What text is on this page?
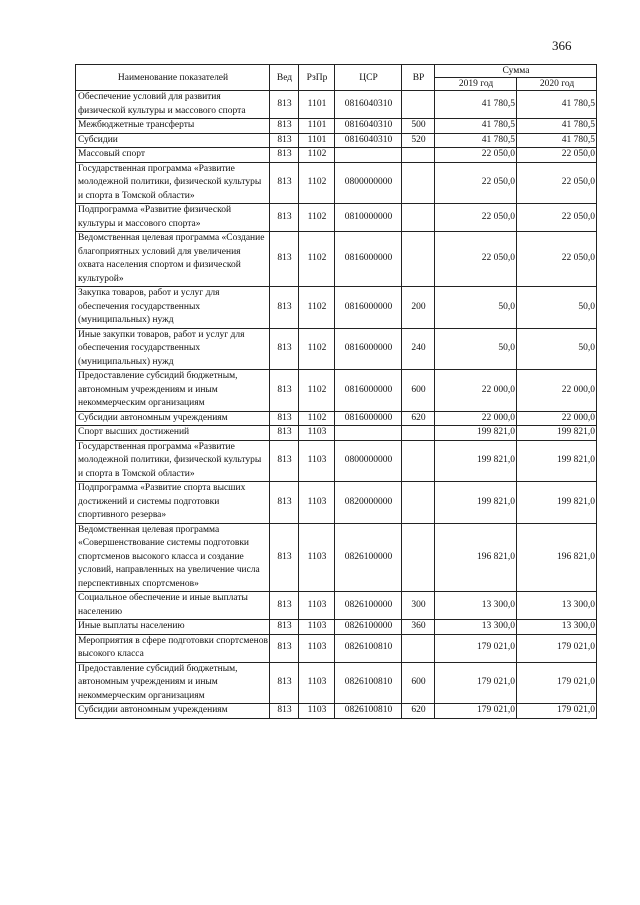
366
Наименование показателей	Вед	РзПр	ЦСР	ВР	Сумма	
					2019 год	2020 год
Обеспечение условий для развития физической культуры и массового спорта	813	1101	0816040310		41 780,5	41 780,5
Межбюджетные трансферты	813	1101	0816040310	500	41 780,5	41 780,5
Субсидии	813	1101	0816040310	520	41 780,5	41 780,5
Массовый спорт	813	1102			22 050,0	22 050,0
Государственная программа «Развитие молодежной политики, физической культуры и спорта в Томской области»	813	1102	0800000000		22 050,0	22 050,0
Подпрограмма «Развитие физической культуры и массового спорта»	813	1102	0810000000		22 050,0	22 050,0
Ведомственная целевая программа «Создание благоприятных условий для увеличения охвата населения спортом и физической культурой»	813	1102	0816000000		22 050,0	22 050,0
Закупка товаров, работ и услуг для обеспечения государственных (муниципальных) нужд	813	1102	0816000000	200	50,0	50,0
Иные закупки товаров, работ и услуг для обеспечения государственных (муниципальных) нужд	813	1102	0816000000	240	50,0	50,0
Предоставление субсидий бюджетным, автономным учреждениям и иным некоммерческим организациям	813	1102	0816000000	600	22 000,0	22 000,0
Субсидии автономным учреждениям	813	1102	0816000000	620	22 000,0	22 000,0
Спорт высших достижений	813	1103			199 821,0	199 821,0
Государственная программа «Развитие молодежной политики, физической культуры и спорта в Томской области»	813	1103	0800000000		199 821,0	199 821,0
Подпрограмма «Развитие спорта высших достижений и системы подготовки спортивного резерва»	813	1103	0820000000		199 821,0	199 821,0
Ведомственная целевая программа «Совершенствование системы подготовки спортсменов высокого класса и создание условий, направленных на увеличение числа перспективных спортсменов»	813	1103	0826100000		196 821,0	196 821,0
Социальное обеспечение и иные выплаты населению	813	1103	0826100000	300	13 300,0	13 300,0
Иные выплаты населению	813	1103	0826100000	360	13 300,0	13 300,0
Мероприятия в сфере подготовки спортсменов высокого класса	813	1103	0826100810		179 021,0	179 021,0
Предоставление субсидий бюджетным, автономным учреждениям и иным некоммерческим организациям	813	1103	0826100810	600	179 021,0	179 021,0
Субсидии автономным учреждениям	813	1103	0826100810	620	179 021,0	179 021,0
